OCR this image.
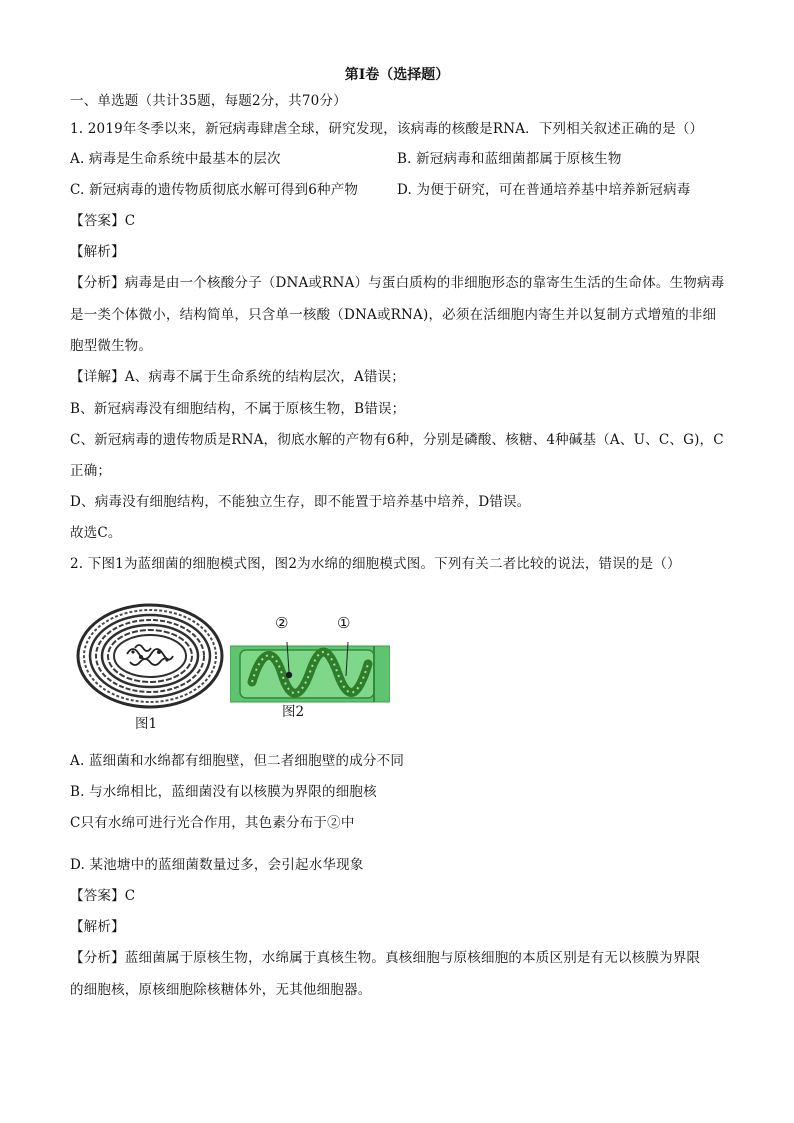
第Ⅰ卷（选择题）
一、单选题（共计35题，每题2分，共70分）
1. 2019年冬季以来，新冠病毒肆虐全球，研究发现，该病毒的核酸是RNA．下列相关叙述正确的是（）
A. 病毒是生命系统中最基本的层次	B. 新冠病毒和蓝细菌都属于原核生物
C. 新冠病毒的遗传物质彻底水解可得到6种产物	D. 为便于研究，可在普通培养基中培养新冠病毒
【答案】C
【解析】
【分析】病毒是由一个核酸分子（DNA或RNA）与蛋白质构的非细胞形态的靠寄生生活的生命体。生物病毒
是一类个体微小，结构简单，只含单一核酸（DNA或RNA)，必须在活细胞内寄生并以复制方式增殖的非细
胞型微生物。
【详解】A、病毒不属于生命系统的结构层次，A错误；
B、新冠病毒没有细胞结构，不属于原核生物，B错误；
C、新冠病毒的遗传物质是RNA，彻底水解的产物有6种，分别是磷酸、核糖、4种碱基（A、U、C、G)，C
正确；
D、病毒没有细胞结构，不能独立生存，即不能置于培养基中培养，D错误。
故选C。
2. 下图1为蓝细菌的细胞模式图，图2为水绵的细胞模式图。下列有关二者比较的说法，错误的是（）
图1
②	①
图2
A. 蓝细菌和水绵都有细胞壁，但二者细胞壁的成分不同
B. 与水绵相比，蓝细菌没有以核膜为界限的细胞核
C只有水绵可进行光合作用，其色素分布于②中
D. 某池塘中的蓝细菌数量过多，会引起水华现象
【答案】C
【解析】
【分析】蓝细菌属于原核生物，水绵属于真核生物。真核细胞与原核细胞的本质区别是有无以核膜为界限
的细胞核，原核细胞除核糖体外，无其他细胞器。
